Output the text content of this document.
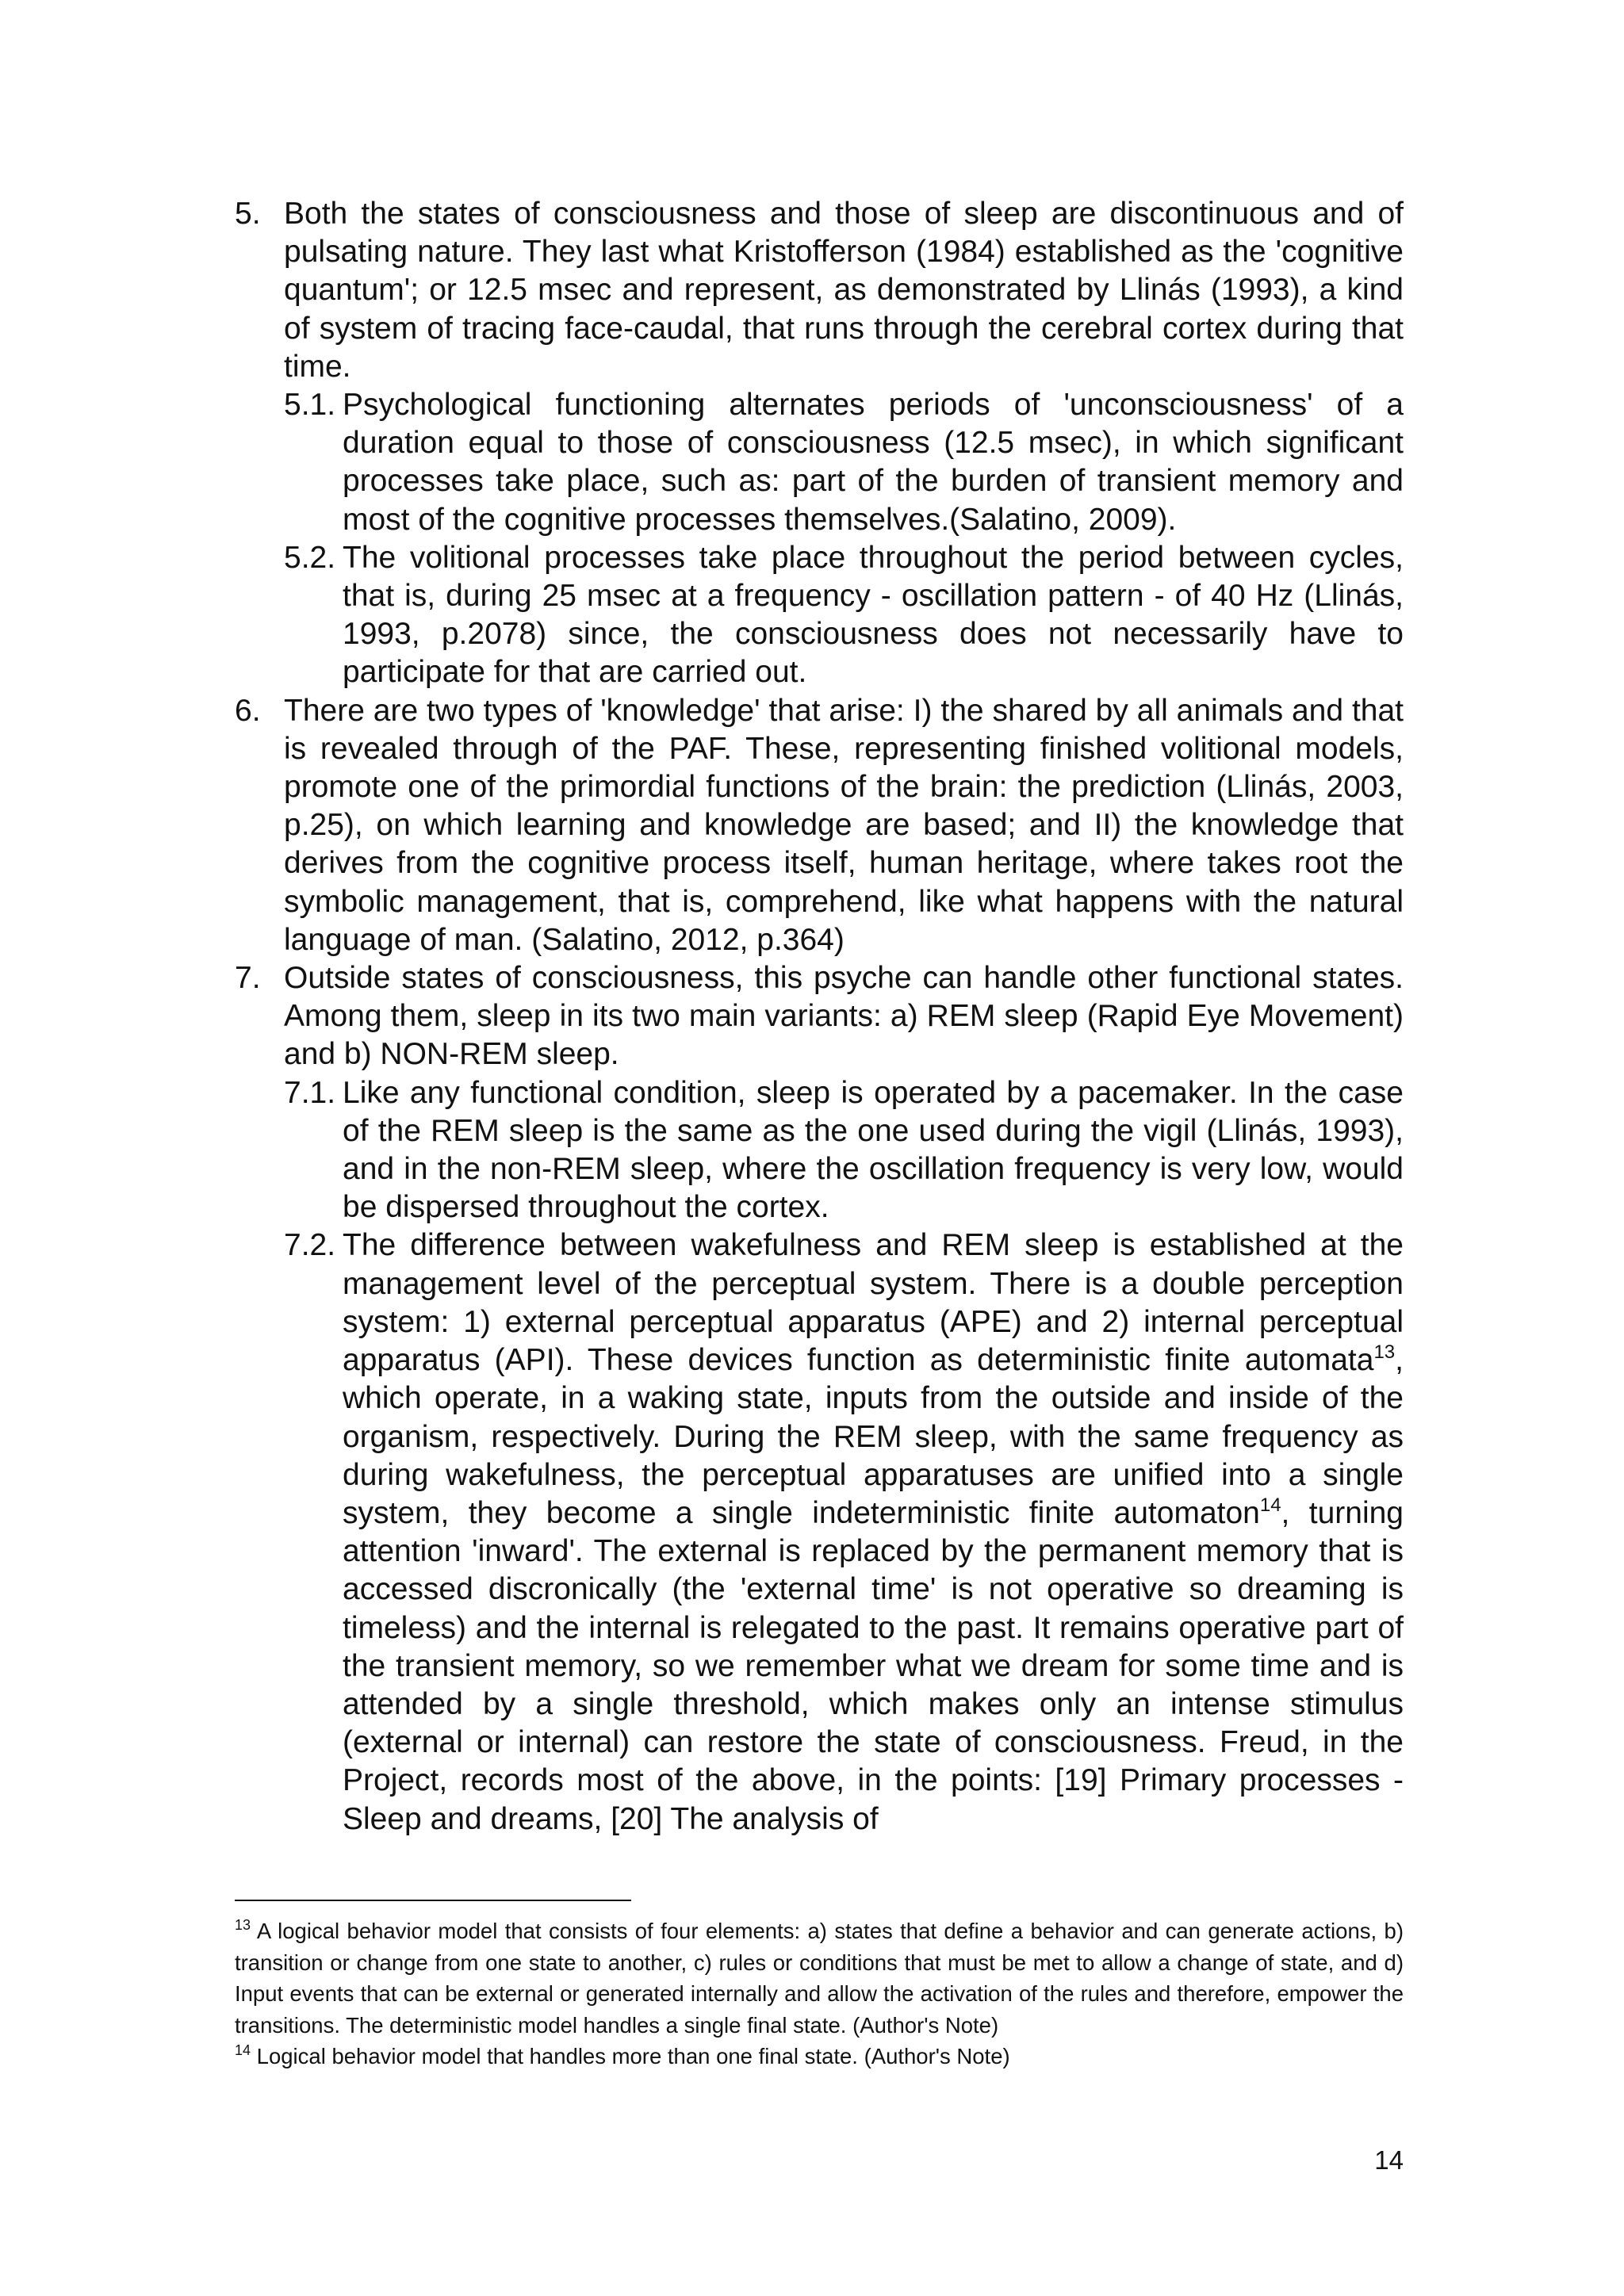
5. Both the states of consciousness and those of sleep are discontinuous and of pulsating nature. They last what Kristofferson (1984) established as the 'cognitive quantum'; or 12.5 msec and represent, as demonstrated by Llinás (1993), a kind of system of tracing face-caudal, that runs through the cerebral cortex during that time.
5.1. Psychological functioning alternates periods of 'unconsciousness' of a duration equal to those of consciousness (12.5 msec), in which significant processes take place, such as: part of the burden of transient memory and most of the cognitive processes themselves.(Salatino, 2009).
5.2. The volitional processes take place throughout the period between cycles, that is, during 25 msec at a frequency - oscillation pattern - of 40 Hz (Llinás, 1993, p.2078) since, the consciousness does not necessarily have to participate for that are carried out.
6. There are two types of 'knowledge' that arise: I) the shared by all animals and that is revealed through of the PAF. These, representing finished volitional models, promote one of the primordial functions of the brain: the prediction (Llinás, 2003, p.25), on which learning and knowledge are based; and II) the knowledge that derives from the cognitive process itself, human heritage, where takes root the symbolic management, that is, comprehend, like what happens with the natural language of man. (Salatino, 2012, p.364)
7. Outside states of consciousness, this psyche can handle other functional states. Among them, sleep in its two main variants: a) REM sleep (Rapid Eye Movement) and b) NON-REM sleep.
7.1. Like any functional condition, sleep is operated by a pacemaker. In the case of the REM sleep is the same as the one used during the vigil (Llinás, 1993), and in the non-REM sleep, where the oscillation frequency is very low, would be dispersed throughout the cortex.
7.2. The difference between wakefulness and REM sleep is established at the management level of the perceptual system. There is a double perception system: 1) external perceptual apparatus (APE) and 2) internal perceptual apparatus (API). These devices function as deterministic finite automata$^{13}$, which operate, in a waking state, inputs from the outside and inside of the organism, respectively. During the REM sleep, with the same frequency as during wakefulness, the perceptual apparatuses are unified into a single system, they become a single indeterministic finite automaton$^{14}$, turning attention 'inward'. The external is replaced by the permanent memory that is accessed discronically (the 'external time' is not operative so dreaming is timeless) and the internal is relegated to the past. It remains operative part of the transient memory, so we remember what we dream for some time and is attended by a single threshold, which makes only an intense stimulus (external or internal) can restore the state of consciousness. Freud, in the Project, records most of the above, in the points: [19] Primary processes - Sleep and dreams, [20] The analysis of
$^{13}$ A logical behavior model that consists of four elements: a) states that define a behavior and can generate actions, b) transition or change from one state to another, c) rules or conditions that must be met to allow a change of state, and d) Input events that can be external or generated internally and allow the activation of the rules and therefore, empower the transitions. The deterministic model handles a single final state. (Author's Note)
$^{14}$ Logical behavior model that handles more than one final state. (Author's Note)
14
